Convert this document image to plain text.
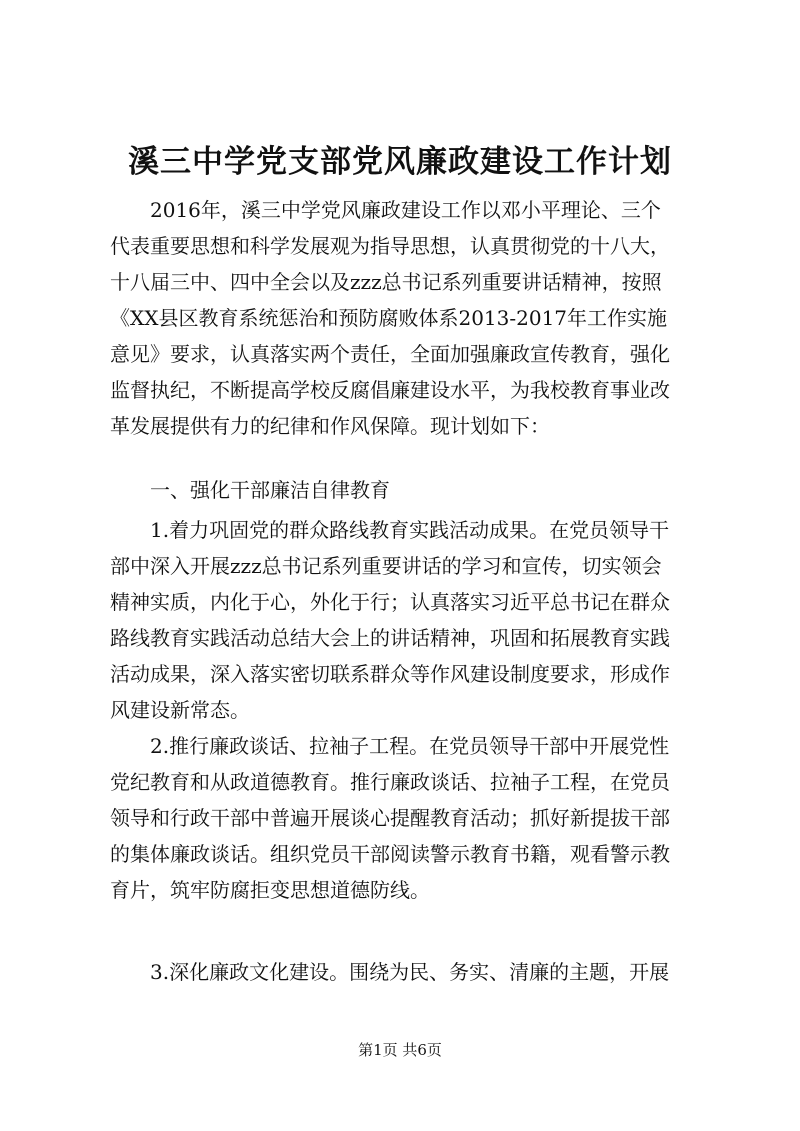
溪三中学党支部党风廉政建设工作计划
　　2016年，溪三中学党风廉政建设工作以邓小平理论、三个
代表重要思想和科学发展观为指导思想，认真贯彻党的十八大，
十八届三中、四中全会以及zzz总书记系列重要讲话精神，按照
《XX县区教育系统惩治和预防腐败体系2013-2017年工作实施
意见》要求，认真落实两个责任，全面加强廉政宣传教育，强化
监督执纪，不断提高学校反腐倡廉建设水平，为我校教育事业改
革发展提供有力的纪律和作风保障。现计划如下：
　　一、强化干部廉洁自律教育
　　1.着力巩固党的群众路线教育实践活动成果。在党员领导干
部中深入开展zzz总书记系列重要讲话的学习和宣传，切实领会
精神实质，内化于心，外化于行；认真落实习近平总书记在群众
路线教育实践活动总结大会上的讲话精神，巩固和拓展教育实践
活动成果，深入落实密切联系群众等作风建设制度要求，形成作
风建设新常态。
　　2.推行廉政谈话、拉袖子工程。在党员领导干部中开展党性
党纪教育和从政道德教育。推行廉政谈话、拉袖子工程，在党员
领导和行政干部中普遍开展谈心提醒教育活动；抓好新提拔干部
的集体廉政谈话。组织党员干部阅读警示教育书籍，观看警示教
育片，筑牢防腐拒变思想道德防线。
　　3.深化廉政文化建设。围绕为民、务实、清廉的主题，开展
第1页 共6页
